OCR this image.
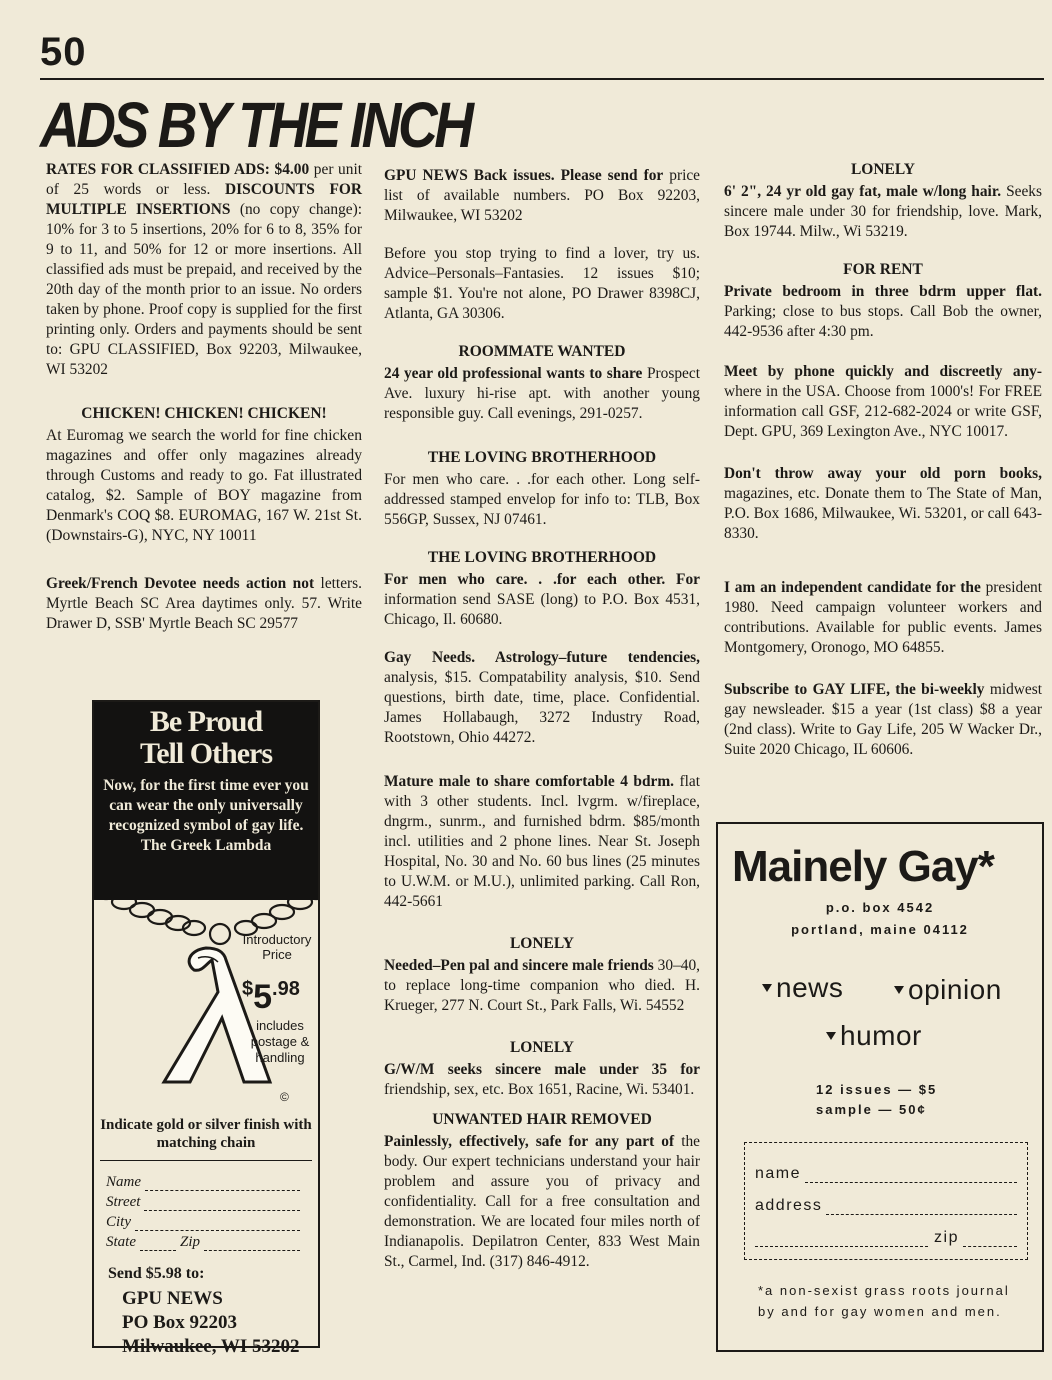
50
ADS BY THE INCH

RATES FOR CLASSIFIED ADS: $4.00 per unit of 25 words or less. DISCOUNTS FOR MULTIPLE INSERTIONS (no copy change): 10% for 3 to 5 insertions, 20% for 6 to 8, 35% for 9 to 11, and 50% for 12 or more insertions. All classified ads must be prepaid, and received by the 20th day of the month prior to an issue. No orders taken by phone. Proof copy is supplied for the first printing only. Orders and payments should be sent to: GPU CLASSIFIED, Box 92203, Milwaukee, WI 53202

CHICKEN! CHICKEN! CHICKEN!

At Euromag we search the world for fine chicken magazines and offer only magazines already through Customs and ready to go. Fat illustrated catalog, $2. Sample of BOY magazine from Denmark's COQ $8. EUROMAG, 167 W. 21st St. (Downstairs-G), NYC, NY 10011

Greek/French Devotee needs action not letters. Myrtle Beach SC Area daytimes only. 57. Write Drawer D, SSB' Myrtle Beach SC 29577

Be Proud
Tell Others
Now, for the first time ever you can wear the only universally recognized symbol of gay life. The Greek Lambda
Introductory Price
$^{\$}5^{.98}$
includes postage & handling
©
Indicate gold or silver finish with matching chain
Name
Street
City
State	Zip
Send $5.98 to:
GPU NEWS
PO Box 92203
Milwaukee, WI 53202

GPU NEWS Back issues. Please send for price list of available numbers. PO Box 92203, Milwaukee, WI 53202

Before you stop trying to find a lover, try us. Advice–Personals–Fantasies. 12 issues $10; sample $1. You're not alone, PO Drawer 8398CJ, Atlanta, GA 30306.

ROOMMATE WANTED

24 year old professional wants to share Prospect Ave. luxury hi-rise apt. with another young responsible guy. Call evenings, 291-0257.

THE LOVING BROTHERHOOD

For men who care. . .for each other. Long self-addressed stamped envelop for info to: TLB, Box 556GP, Sussex, NJ 07461.

THE LOVING BROTHERHOOD

For men who care. . .for each other. For information send SASE (long) to P.O. Box 4531, Chicago, Il. 60680.

Gay Needs. Astrology–future tendencies, analysis, $15. Compatability analysis, $10. Send questions, birth date, time, place. Confidential. James Hollabaugh, 3272 Industry Road, Rootstown, Ohio 44272.

Mature male to share comfortable 4 bdrm. flat with 3 other students. Incl. lvgrm. w/fireplace, dngrm., sunrm., and furnished bdrm. $85/month incl. utilities and 2 phone lines. Near St. Joseph Hospital, No. 30 and No. 60 bus lines (25 minutes to U.W.M. or M.U.), unlimited parking. Call Ron, 442-5661

LONELY

Needed–Pen pal and sincere male friends 30–40, to replace long-time companion who died. H. Krueger, 277 N. Court St., Park Falls, Wi. 54552

LONELY

G/W/M seeks sincere male under 35 for friendship, sex, etc. Box 1651, Racine, Wi. 53401.

UNWANTED HAIR REMOVED

Painlessly, effectively, safe for any part of the body. Our expert technicians understand your hair problem and assure you of privacy and confidentiality. Call for a free consultation and demonstration. We are located four miles north of Indianapolis. Depilatron Center, 833 West Main St., Carmel, Ind. (317) 846-4912.

LONELY

6' 2", 24 yr old gay fat, male w/long hair. Seeks sincere male under 30 for friendship, love. Mark, Box 19744. Milw., Wi 53219.

FOR RENT

Private bedroom in three bdrm upper flat. Parking; close to bus stops. Call Bob the owner, 442-9536 after 4:30 pm.

Meet by phone quickly and discreetly any- where in the USA. Choose from 1000's! For FREE information call GSF, 212-682-2024 or write GSF, Dept. GPU, 369 Lexington Ave., NYC 10017.

Don't throw away your old porn books, magazines, etc. Donate them to The State of Man, P.O. Box 1686, Milwaukee, Wi. 53201, or call 643-8330.

I am an independent candidate for the president 1980. Need campaign volunteer workers and contributions. Available for public events. James Montgomery, Oronogo, MO 64855.

Subscribe to GAY LIFE, the bi-weekly midwest gay newsleader. $15 a year (1st class) $8 a year (2nd class). Write to Gay Life, 205 W Wacker Dr., Suite 2020 Chicago, IL 60606.

Mainely Gay*
p.o. box 4542
portland, maine 04112
news opinion
humor
12 issues — $5
sample — 50¢
name
address
zip
*a non-sexist grass roots journal by and for gay women and men.
